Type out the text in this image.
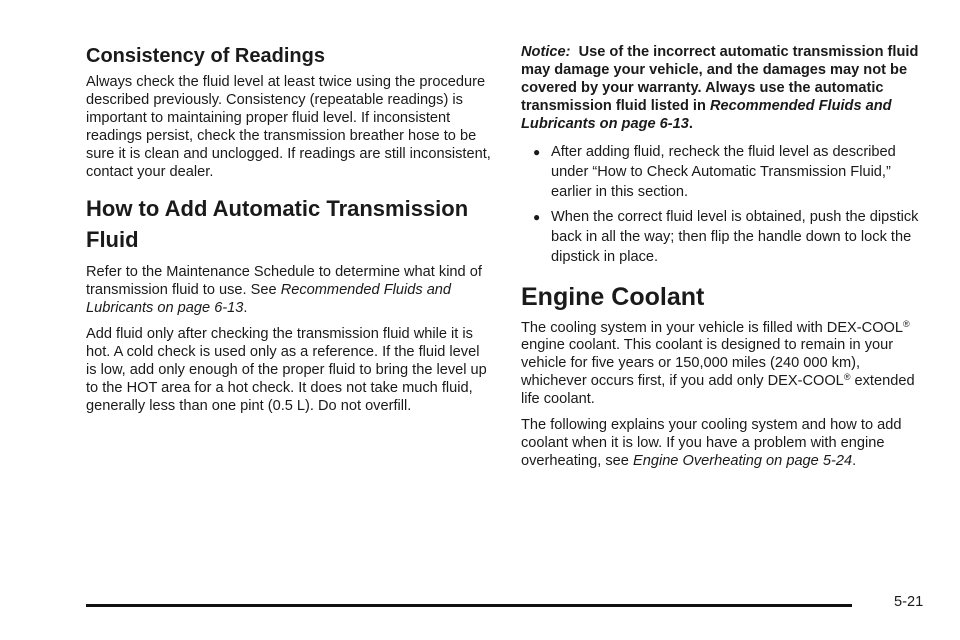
Consistency of Readings

Always check the fluid level at least twice using the procedure described previously. Consistency (repeatable readings) is important to maintaining proper fluid level. If inconsistent readings persist, check the transmission breather hose to be sure it is clean and unclogged. If readings are still inconsistent, contact your dealer.

How to Add Automatic Transmission Fluid

Refer to the Maintenance Schedule to determine what kind of transmission fluid to use. See Recommended Fluids and Lubricants on page 6-13.

Add fluid only after checking the transmission fluid while it is hot. A cold check is used only as a reference. If the fluid level is low, add only enough of the proper fluid to bring the level up to the HOT area for a hot check. It does not take much fluid, generally less than one pint (0.5 L). Do not overfill.

Notice: Use of the incorrect automatic transmission fluid may damage your vehicle, and the damages may not be covered by your warranty. Always use the automatic transmission fluid listed in Recommended Fluids and Lubricants on page 6-13.
● After adding fluid, recheck the fluid level as described under “How to Check Automatic Transmission Fluid,” earlier in this section.
● When the correct fluid level is obtained, push the dipstick back in all the way; then flip the handle down to lock the dipstick in place.
Engine Coolant

The cooling system in your vehicle is filled with DEX-COOL® engine coolant. This coolant is designed to remain in your vehicle for five years or 150,000 miles (240 000 km), whichever occurs first, if you add only DEX-COOL® extended life coolant.

The following explains your cooling system and how to add coolant when it is low. If you have a problem with engine overheating, see Engine Overheating on page 5-24.

5-21
